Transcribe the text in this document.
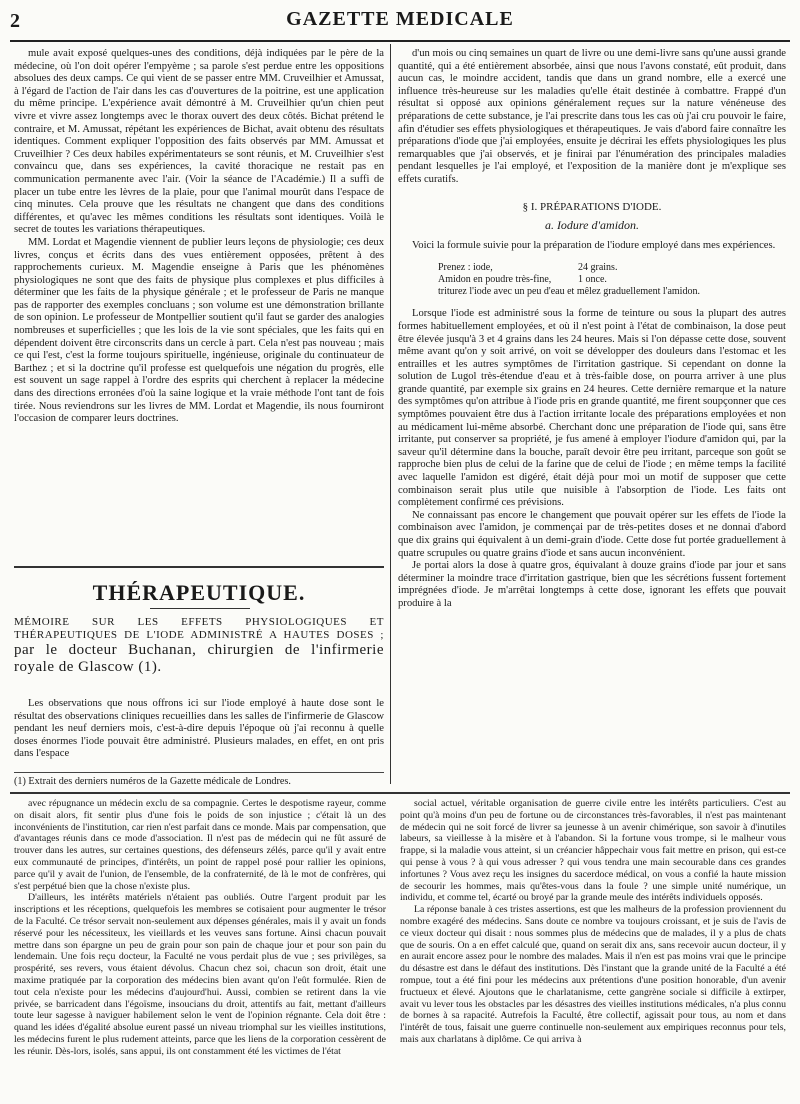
2	GAZETTE MEDICALE

mule avait exposé quelques-unes des conditions, déjà indiquées par le père de la médecine, où l'on doit opérer l'empyème ; sa parole s'est perdue entre les oppositions absolues des deux camps. Ce qui vient de se passer entre MM. Cruveilhier et Amussat, à l'égard de l'action de l'air dans les cas d'ouvertures de la poitrine, est une application du même principe. L'expérience avait démontré à M. Cruveilhier qu'un chien peut vivre et vivre assez longtemps avec le thorax ouvert des deux côtés. Bichat prétend le contraire, et M. Amussat, répétant les expériences de Bichat, avait obtenu des résultats identiques. Comment expliquer l'opposition des faits observés par MM. Amussat et Cruveilhier ? Ces deux habiles expérimentateurs se sont réunis, et M. Cruveilhier s'est convaincu que, dans ses expériences, la cavité thoracique ne restait pas en communication permanente avec l'air. (Voir la séance de l'Académie.) Il a suffi de placer un tube entre les lèvres de la plaie, pour que l'animal mourût dans l'espace de cinq minutes. Cela prouve que les résultats ne changent que dans des conditions différentes, et qu'avec les mêmes conditions les résultats sont identiques. Voilà le secret de toutes les variations thérapeutiques.

MM. Lordat et Magendie viennent de publier leurs leçons de physiologie; ces deux livres, conçus et écrits dans des vues entièrement opposées, prêtent à des rapprochements curieux. M. Magendie enseigne à Paris que les phénomènes physiologiques ne sont que des faits de physique plus complexes et plus difficiles à déterminer que les faits de la physique générale ; et le professeur de Paris ne manque pas de rapporter des exemples concluans ; son volume est une démonstration brillante de son opinion. Le professeur de Montpellier soutient qu'il faut se garder des analogies nombreuses et superficielles ; que les lois de la vie sont spéciales, que les faits qui en dépendent doivent être circonscrits dans un cercle à part. Cela n'est pas nouveau ; mais ce qui l'est, c'est la forme toujours spirituelle, ingénieuse, originale du continuateur de Barthez ; et si la doctrine qu'il professe est quelquefois une négation du progrès, elle est souvent un sage rappel à l'ordre des esprits qui cherchent à replacer la médecine dans des directions erronées d'où la saine logique et la vraie méthode l'ont tant de fois tirée. Nous reviendrons sur les livres de MM. Lordat et Magendie, ils nous fourniront l'occasion de comparer leurs doctrines.

THÉRAPEUTIQUE.
MÉMOIRE SUR LES EFFETS PHYSIOLOGIQUES ET THÉRAPEUTIQUES DE L'IODE ADMINISTRÉ A HAUTES DOSES ; par le docteur Buchanan, chirurgien de l'infirmerie royale de Glascow (1).

Les observations que nous offrons ici sur l'iode employé à haute dose sont le résultat des observations cliniques recueillies dans les salles de l'infirmerie de Glascow pendant les neuf derniers mois, c'est-à-dire depuis l'époque où j'ai reconnu à quelle doses énormes l'iode pouvait être administré. Plusieurs malades, en effet, en ont pris dans l'espace

(1) Extrait des derniers numéros de la Gazette médicale de Londres.

d'un mois ou cinq semaines un quart de livre ou une demi-livre sans qu'une aussi grande quantité, qui a été entièrement absorbée, ainsi que nous l'avons constaté, eût produit, dans aucun cas, le moindre accident, tandis que dans un grand nombre, elle a exercé une influence très-heureuse sur les maladies qu'elle était destinée à combattre. Frappé d'un résultat si opposé aux opinions généralement reçues sur la nature vénéneuse des préparations de cette substance, je l'ai prescrite dans tous les cas où j'ai cru pouvoir le faire, afin d'étudier ses effets physiologiques et thérapeutiques. Je vais d'abord faire connaître les préparations d'iode que j'ai employées, ensuite je décrirai les effets physiologiques les plus remarquables que j'ai observés, et je finirai par l'énumération des principales maladies pendant lesquelles je l'ai employé, et l'exposition de la manière dont je m'explique ses effets curatifs.

§ I. PRÉPARATIONS D'IODE.
a. Iodure d'amidon.

Voici la formule suivie pour la préparation de l'iodure employé dans mes expériences.

Prenez : iode,	24 grains.
Amidon en poudre très-fine,	1 once.
triturez l'iode avec un peu d'eau et mêlez graduellement l'amidon.

Lorsque l'iode est administré sous la forme de teinture ou sous la plupart des autres formes habituellement employées, et où il n'est point à l'état de combinaison, la dose peut être élevée jusqu'à 3 et 4 grains dans les 24 heures. Mais si l'on dépasse cette dose, souvent même avant qu'on y soit arrivé, on voit se développer des douleurs dans l'estomac et les entrailles et les autres symptômes de l'irritation gastrique. Si cependant on donne la solution de Lugol très-étendue d'eau et à très-faible dose, on pourra arriver à une plus grande quantité, par exemple six grains en 24 heures. Cette dernière remarque et la nature des symptômes qu'on attribue à l'iode pris en grande quantité, me firent soupçonner que ces symptômes pouvaient être dus à l'action irritante locale des préparations employées et non au médicament lui-même absorbé. Cherchant donc une préparation de l'iode qui, sans être irritante, put conserver sa propriété, je fus amené à employer l'iodure d'amidon qui, par la saveur qu'il détermine dans la bouche, paraît devoir être peu irritant, parceque son goût se rapproche bien plus de celui de la farine que de celui de l'iode ; en même temps la facilité avec laquelle l'amidon est digéré, était déjà pour moi un motif de supposer que cette combinaison serait plus utile que nuisible à l'absorption de l'iode. Les faits ont complètement confirmé ces prévisions.

Ne connaissant pas encore le changement que pouvait opérer sur les effets de l'iode la combinaison avec l'amidon, je commençai par de très-petites doses et ne donnai d'abord que dix grains qui équivalent à un demi-grain d'iode. Cette dose fut portée graduellement à quatre scrupules ou quatre grains d'iode et sans aucun inconvénient.

Je portai alors la dose à quatre gros, équivalant à douze grains d'iode par jour et sans déterminer la moindre trace d'irritation gastrique, bien que les sécrétions fussent fortement imprégnées d'iode. Je m'arrêtai longtemps à cette dose, ignorant les effets que pouvait produire à la

avec répugnance un médecin exclu de sa compagnie. Certes le despotisme rayeur, comme on disait alors, fit sentir plus d'une fois le poids de son injustice ; c'était là un des inconvénients de l'institution, car rien n'est parfait dans ce monde. Mais par compensation, que d'avantages réunis dans ce mode d'association. Il n'est pas de médecin qui ne fût assuré de trouver dans les autres, sur certaines questions, des défenseurs zélés, parce qu'il y avait entre eux communauté de principes, d'intérêts, un point de rappel posé pour rallier les opinions, parce qu'il y avait de l'union, de l'ensemble, de la confraternité, de là le mot de confrères, qui s'est perpétué bien que la chose n'existe plus.

D'ailleurs, les intérêts matériels n'étaient pas oubliés. Outre l'argent produit par les inscriptions et les réceptions, quelquefois les membres se cotisaient pour augmenter le trésor de la Faculté. Ce trésor servait non-seulement aux dépenses générales, mais il y avait un fonds réservé pour les nécessiteux, les vieillards et les veuves sans fortune. Ainsi chacun pouvait mettre dans son épargne un peu de grain pour son pain de chaque jour et pour son pain du lendemain. Une fois reçu docteur, la Faculté ne vous perdait plus de vue ; ses privilèges, sa prospérité, ses revers, vous étaient dévolus. Chacun chez soi, chacun son droit, était une maxime pratiquée par la corporation des médecins bien avant qu'on l'eût formulée. Rien de tout cela n'existe pour les médecins d'aujourd'hui. Aussi, combien se retirent dans la vie privée, se barricadent dans l'égoïsme, insoucians du droit, attentifs au fait, mettant d'ailleurs toute leur sagesse à naviguer habilement selon le vent de l'opinion régnante. Cela doit être : quand les idées d'égalité absolue eurent passé un niveau triomphal sur les vieilles institutions, les médecins furent le plus rudement atteints, parce que les liens de la corporation cessèrent de les réunir. Dès-lors, isolés, sans appui, ils ont constamment été les victimes de l'état

social actuel, véritable organisation de guerre civile entre les intérêts particuliers. C'est au point qu'à moins d'un peu de fortune ou de circonstances très-favorables, il n'est pas maintenant de médecin qui ne soit forcé de livrer sa jeunesse à un avenir chimérique, son savoir à d'inutiles labeurs, sa vieillesse à la misère et à l'abandon. Si la fortune vous trompe, si le malheur vous frappe, si la maladie vous atteint, si un créancier hâppechair vous fait mettre en prison, qui est-ce qui pense à vous ? à qui vous adresser ? qui vous tendra une main secourable dans ces grandes infortunes ? Vous avez reçu les insignes du sacerdoce médical, on vous a confié la haute mission de secourir les hommes, mais qu'êtes-vous dans la foule ? une simple unité numérique, un individu, et comme tel, écarté ou broyé par la grande meule des intérêts individuels opposés.

La réponse banale à ces tristes assertions, est que les malheurs de la profession proviennent du nombre exagéré des médecins. Sans doute ce nombre va toujours croissant, et je suis de l'avis de ce vieux docteur qui disait : nous sommes plus de médecins que de malades, il y a plus de chats que de souris. On a en effet calculé que, quand on serait dix ans, sans recevoir aucun docteur, il y en aurait encore assez pour le nombre des malades. Mais il n'en est pas moins vrai que le principe du désastre est dans le défaut des institutions. Dès l'instant que la grande unité de la Faculté a été rompue, tout a été fini pour les médecins aux prétentions d'une position honorable, d'un avenir fructueux et élevé. Ajoutons que le charlatanisme, cette gangrène sociale si difficile à extirper, avait vu lever tous les obstacles par les désastres des vieilles institutions médicales, n'a plus connu de bornes à sa rapacité. Autrefois la Faculté, être collectif, agissait pour tous, au nom et dans l'intérêt de tous, faisait une guerre continuelle non-seulement aux empiriques reconnus pour tels, mais aux charlatans à diplôme. Ce qui arriva à
